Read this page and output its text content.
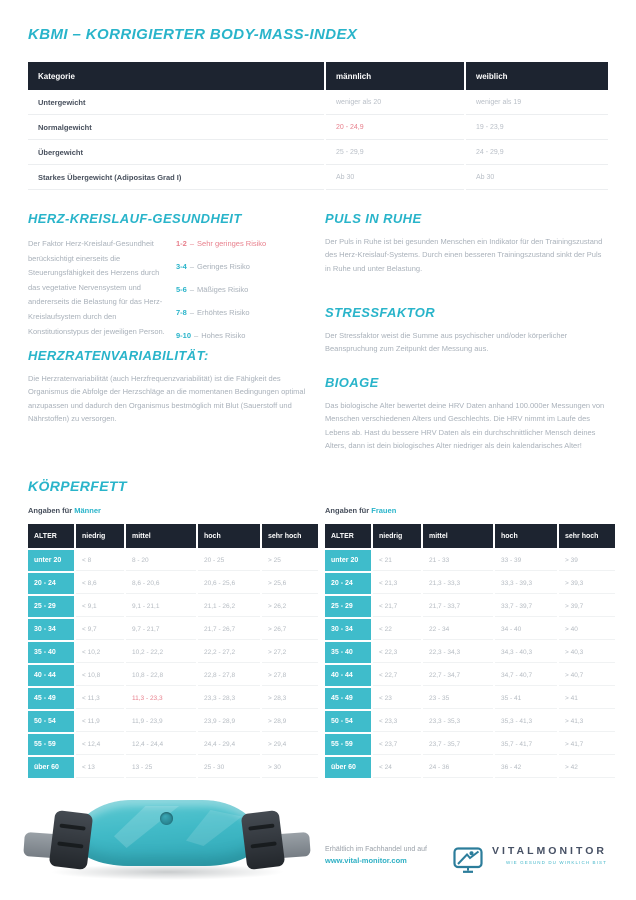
KBMI – KORRIGIERTER BODY-MASS-INDEX
Kategorie	männlich	weiblich
Untergewicht	weniger als 20	weniger als 19
Normalgewicht	20 - 24,9	19 - 23,9
Übergewicht	25 - 29,9	24 - 29,9
Starkes Übergewicht (Adipositas Grad I)	Ab 30	Ab 30
HERZ-KREISLAUF-GESUNDHEIT

Der Faktor Herz-Kreislauf-Gesundheit berücksichtigt einerseits die Steuerungsfähigkeit des Herzens durch das vegetative Nervensystem und andererseits die Belastung für das Herz-Kreislaufsystem durch den Konstitutionstypus der jeweiligen Person.

1-2 – Sehr geringes Risiko
3-4 – Geringes Risiko
5-6 – Mäßiges Risiko
7-8 – Erhöhtes Risiko
9-10 – Hohes Risiko
PULS IN RUHE

Der Puls in Ruhe ist bei gesunden Menschen ein Indikator für den Trainingszustand des Herz-Kreislauf-Systems. Durch einen besseren Trainingszustand sinkt der Puls in Ruhe und unter Belastung.

STRESSFAKTOR

Der Stressfaktor weist die Summe aus psychischer und/oder körperlicher Beanspruchung zum Zeitpunkt der Messung aus.

HERZRATENVARIABILITÄT:

Die Herzratenvariabilität (auch Herzfrequenzvariabilität) ist die Fähigkeit des Organismus die Abfolge der Herzschläge an die momentanen Bedingungen optimal anzupassen und dadurch den Organismus bestmöglich mit Blut (Sauerstoff und Nährstoffen) zu versorgen.

BIOAGE

Das biologische Alter bewertet deine HRV Daten anhand 100.000er Messungen von Menschen verschiedenen Alters und Geschlechts. Die HRV nimmt im Laufe des Lebens ab. Hast du bessere HRV Daten als ein durchschnittlicher Mensch deines Alters, dann ist dein biologisches Alter niedriger als dein kalendarisches Alter!

KÖRPERFETT
Angaben für Männer	Angaben für Frauen
ALTER	niedrig	mittel	hoch	sehr hoch
unter 20	< 8	8 - 20	20 - 25	> 25
20 - 24	< 8,6	8,6 - 20,6	20,6 - 25,6	> 25,6
25 - 29	< 9,1	9,1 - 21,1	21,1 - 26,2	> 26,2
30 - 34	< 9,7	9,7 - 21,7	21,7 - 26,7	> 26,7
35 - 40	< 10,2	10,2 - 22,2	22,2 - 27,2	> 27,2
40 - 44	< 10,8	10,8 - 22,8	22,8 - 27,8	> 27,8
45 - 49	< 11,3	11,3 - 23,3	23,3 - 28,3	> 28,3
50 - 54	< 11,9	11,9 - 23,9	23,9 - 28,9	> 28,9
55 - 59	< 12,4	12,4 - 24,4	24,4 - 29,4	> 29,4
über 60	< 13	13 - 25	25 - 30	> 30
ALTER	niedrig	mittel	hoch	sehr hoch
unter 20	< 21	21 - 33	33 - 39	> 39
20 - 24	< 21,3	21,3 - 33,3	33,3 - 39,3	> 39,3
25 - 29	< 21,7	21,7 - 33,7	33,7 - 39,7	> 39,7
30 - 34	< 22	22 - 34	34 - 40	> 40
35 - 40	< 22,3	22,3 - 34,3	34,3 - 40,3	> 40,3
40 - 44	< 22,7	22,7 - 34,7	34,7 - 40,7	> 40,7
45 - 49	< 23	23 - 35	35 - 41	> 41
50 - 54	< 23,3	23,3 - 35,3	35,3 - 41,3	> 41,3
55 - 59	< 23,7	23,7 - 35,7	35,7 - 41,7	> 41,7
über 60	< 24	24 - 36	36 - 42	> 42
Erhältlich im Fachhandel und auf
www.vital-monitor.com
VITALMONITOR
WIE GESUND DU WIRKLICH BIST
